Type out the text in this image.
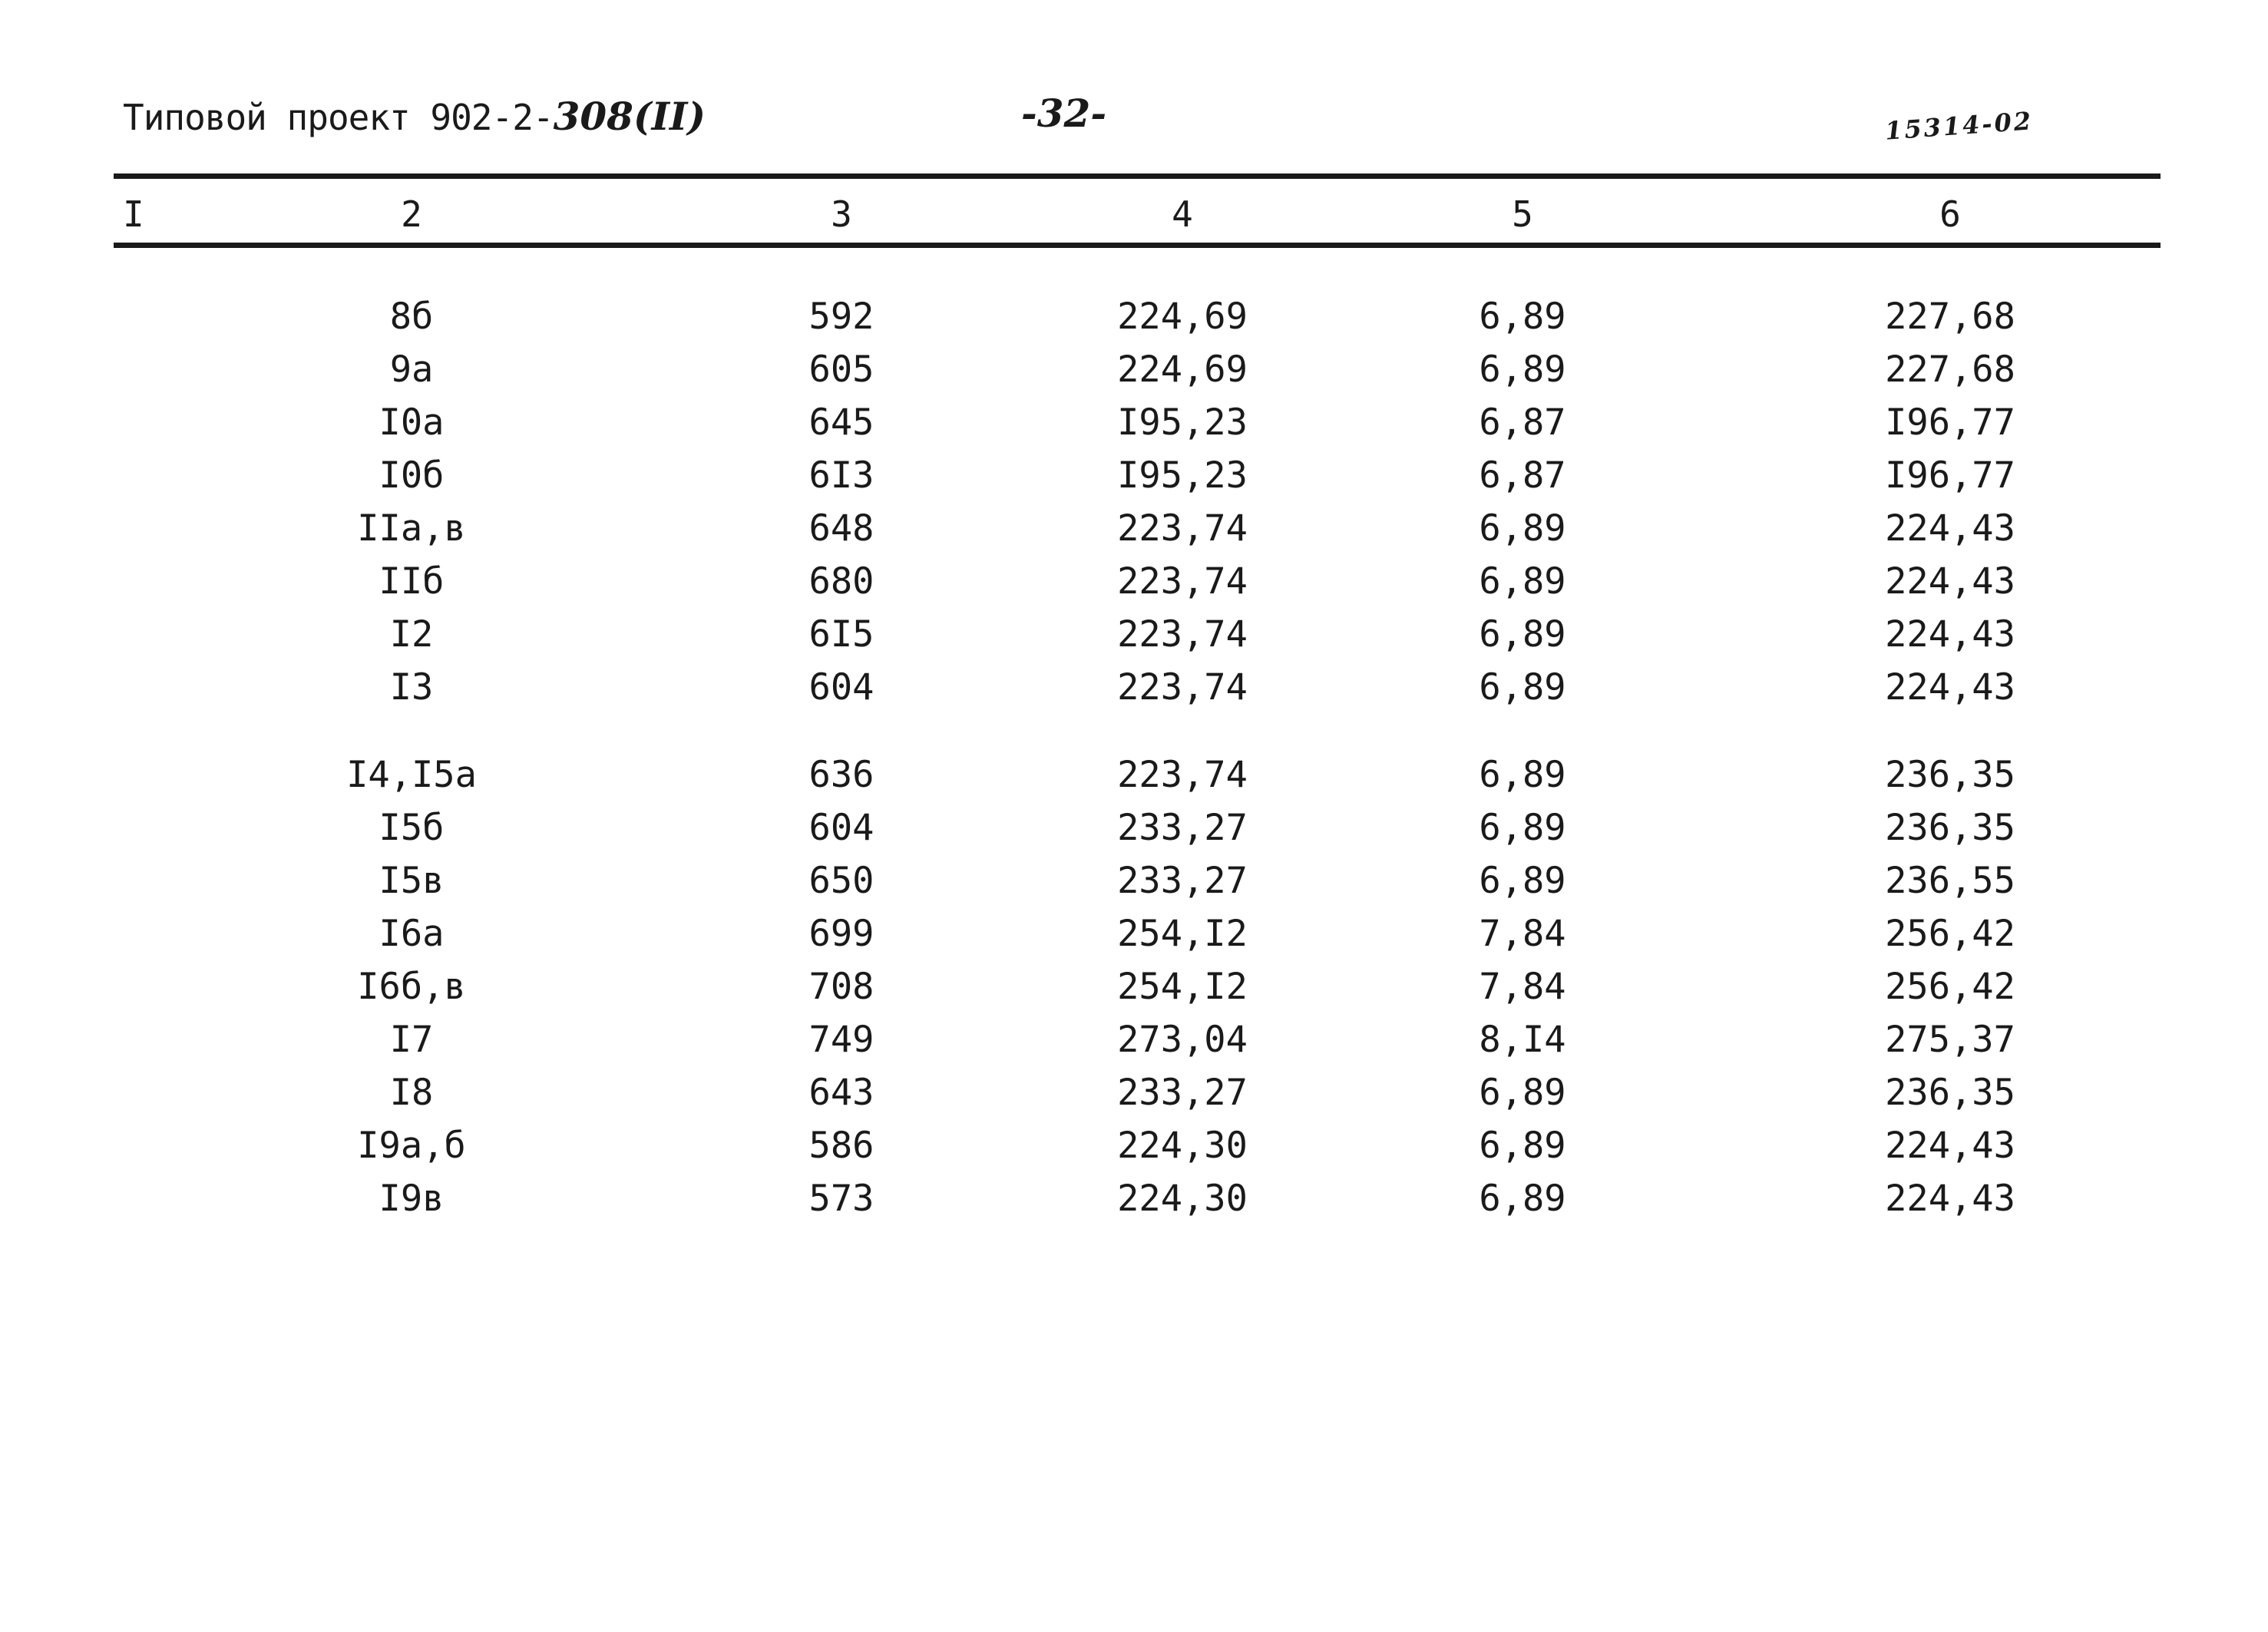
Типовой проект 902-2-308(II)	-32-	15314-02
I	2	3	4	5	6
8б	592	224,69	6,89	227,68
9а	605	224,69	6,89	227,68
I0а	645	I95,23	6,87	I96,77
I0б	6I3	I95,23	6,87	I96,77
IIа,в	648	223,74	6,89	224,43
IIб	680	223,74	6,89	224,43
I2	6I5	223,74	6,89	224,43
I3	604	223,74	6,89	224,43
I4,I5а	636	223,74	6,89	236,35
I5б	604	233,27	6,89	236,35
I5в	650	233,27	6,89	236,55
I6а	699	254,I2	7,84	256,42
I6б,в	708	254,I2	7,84	256,42
I7	749	273,04	8,I4	275,37
I8	643	233,27	6,89	236,35
I9а,б	586	224,30	6,89	224,43
I9в	573	224,30	6,89	224,43
